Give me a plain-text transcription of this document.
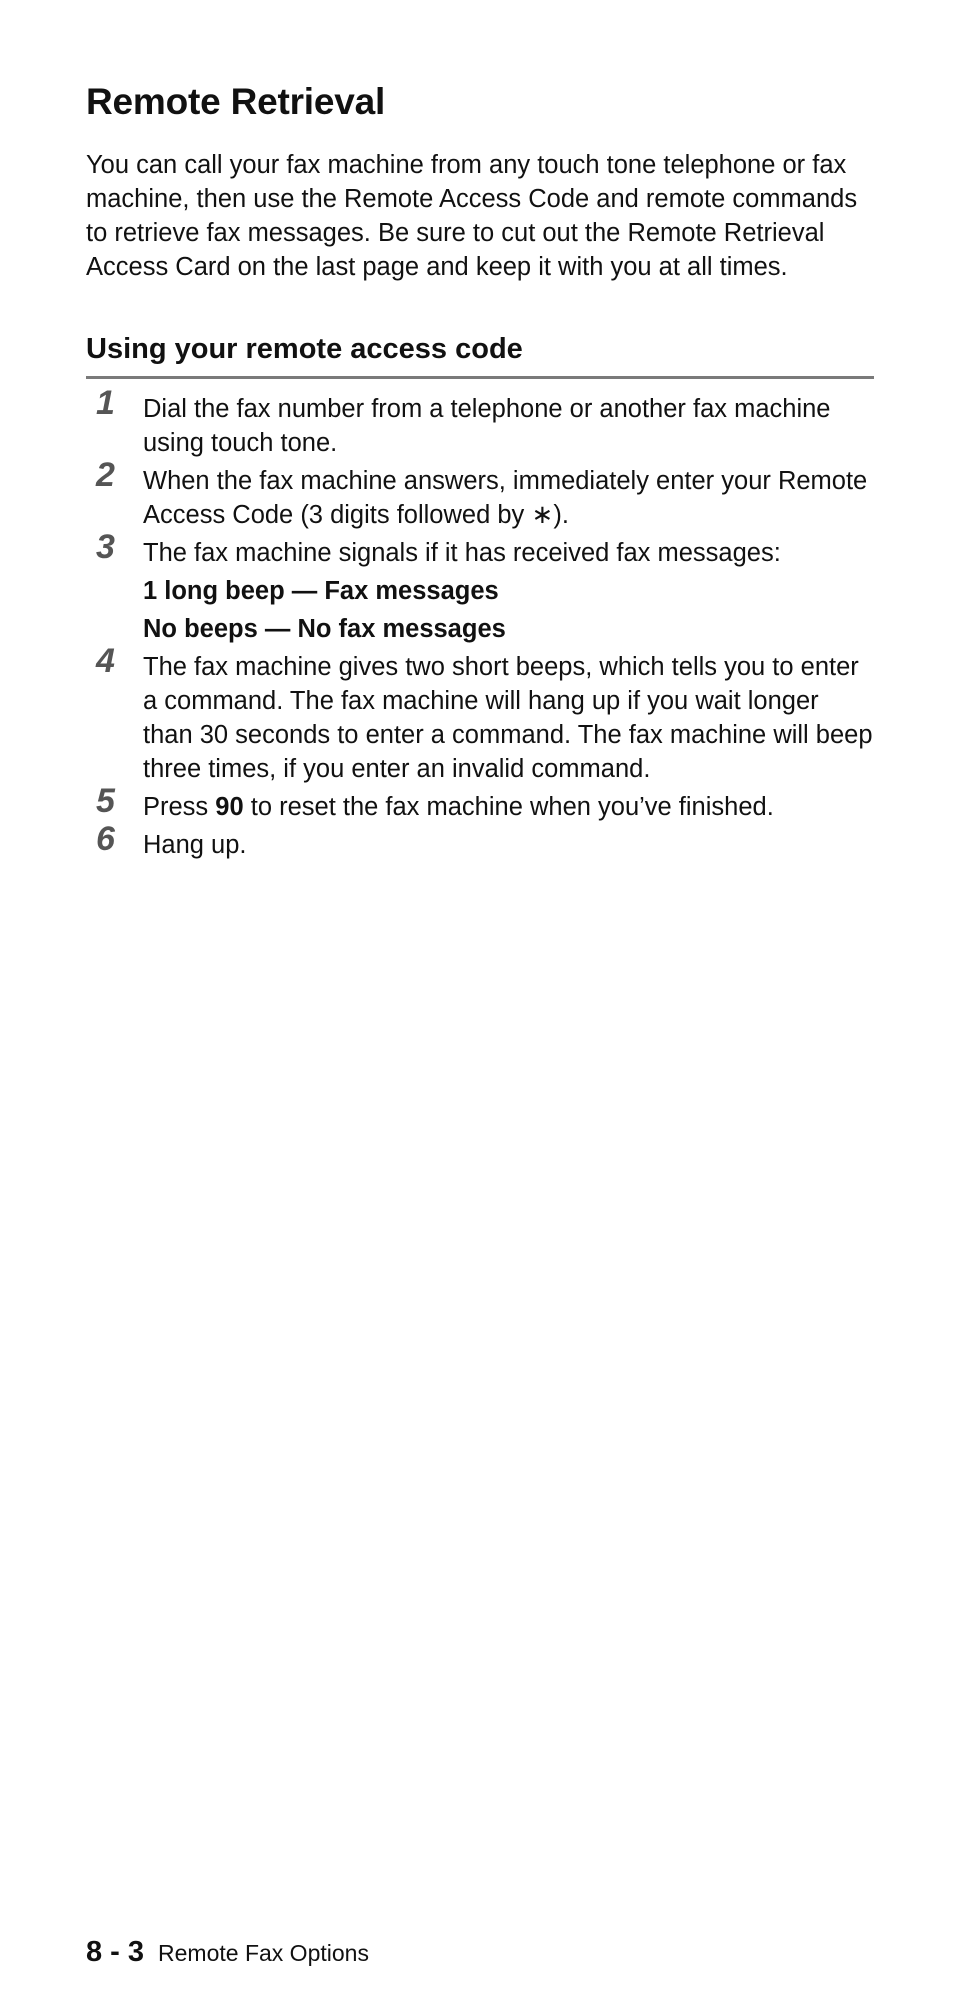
Remote Retrieval

You can call your fax machine from any touch tone telephone or fax machine, then use the Remote Access Code and remote commands to retrieve fax messages. Be sure to cut out the Remote Retrieval Access Card on the last page and keep it with you at all times.

Using your remote access code
1 Dial the fax number from a telephone or another fax machine using touch tone.
2 When the fax machine answers, immediately enter your Remote Access Code (3 digits followed by ∗).
3 The fax machine signals if it has received fax messages:
1 long beep — Fax messages
No beeps — No fax messages
4 The fax machine gives two short beeps, which tells you to enter a command. The fax machine will hang up if you wait longer than 30 seconds to enter a command. The fax machine will beep three times, if you enter an invalid command.
5 Press 90 to reset the fax machine when you’ve finished.
6 Hang up.
8 - 3 Remote Fax Options
